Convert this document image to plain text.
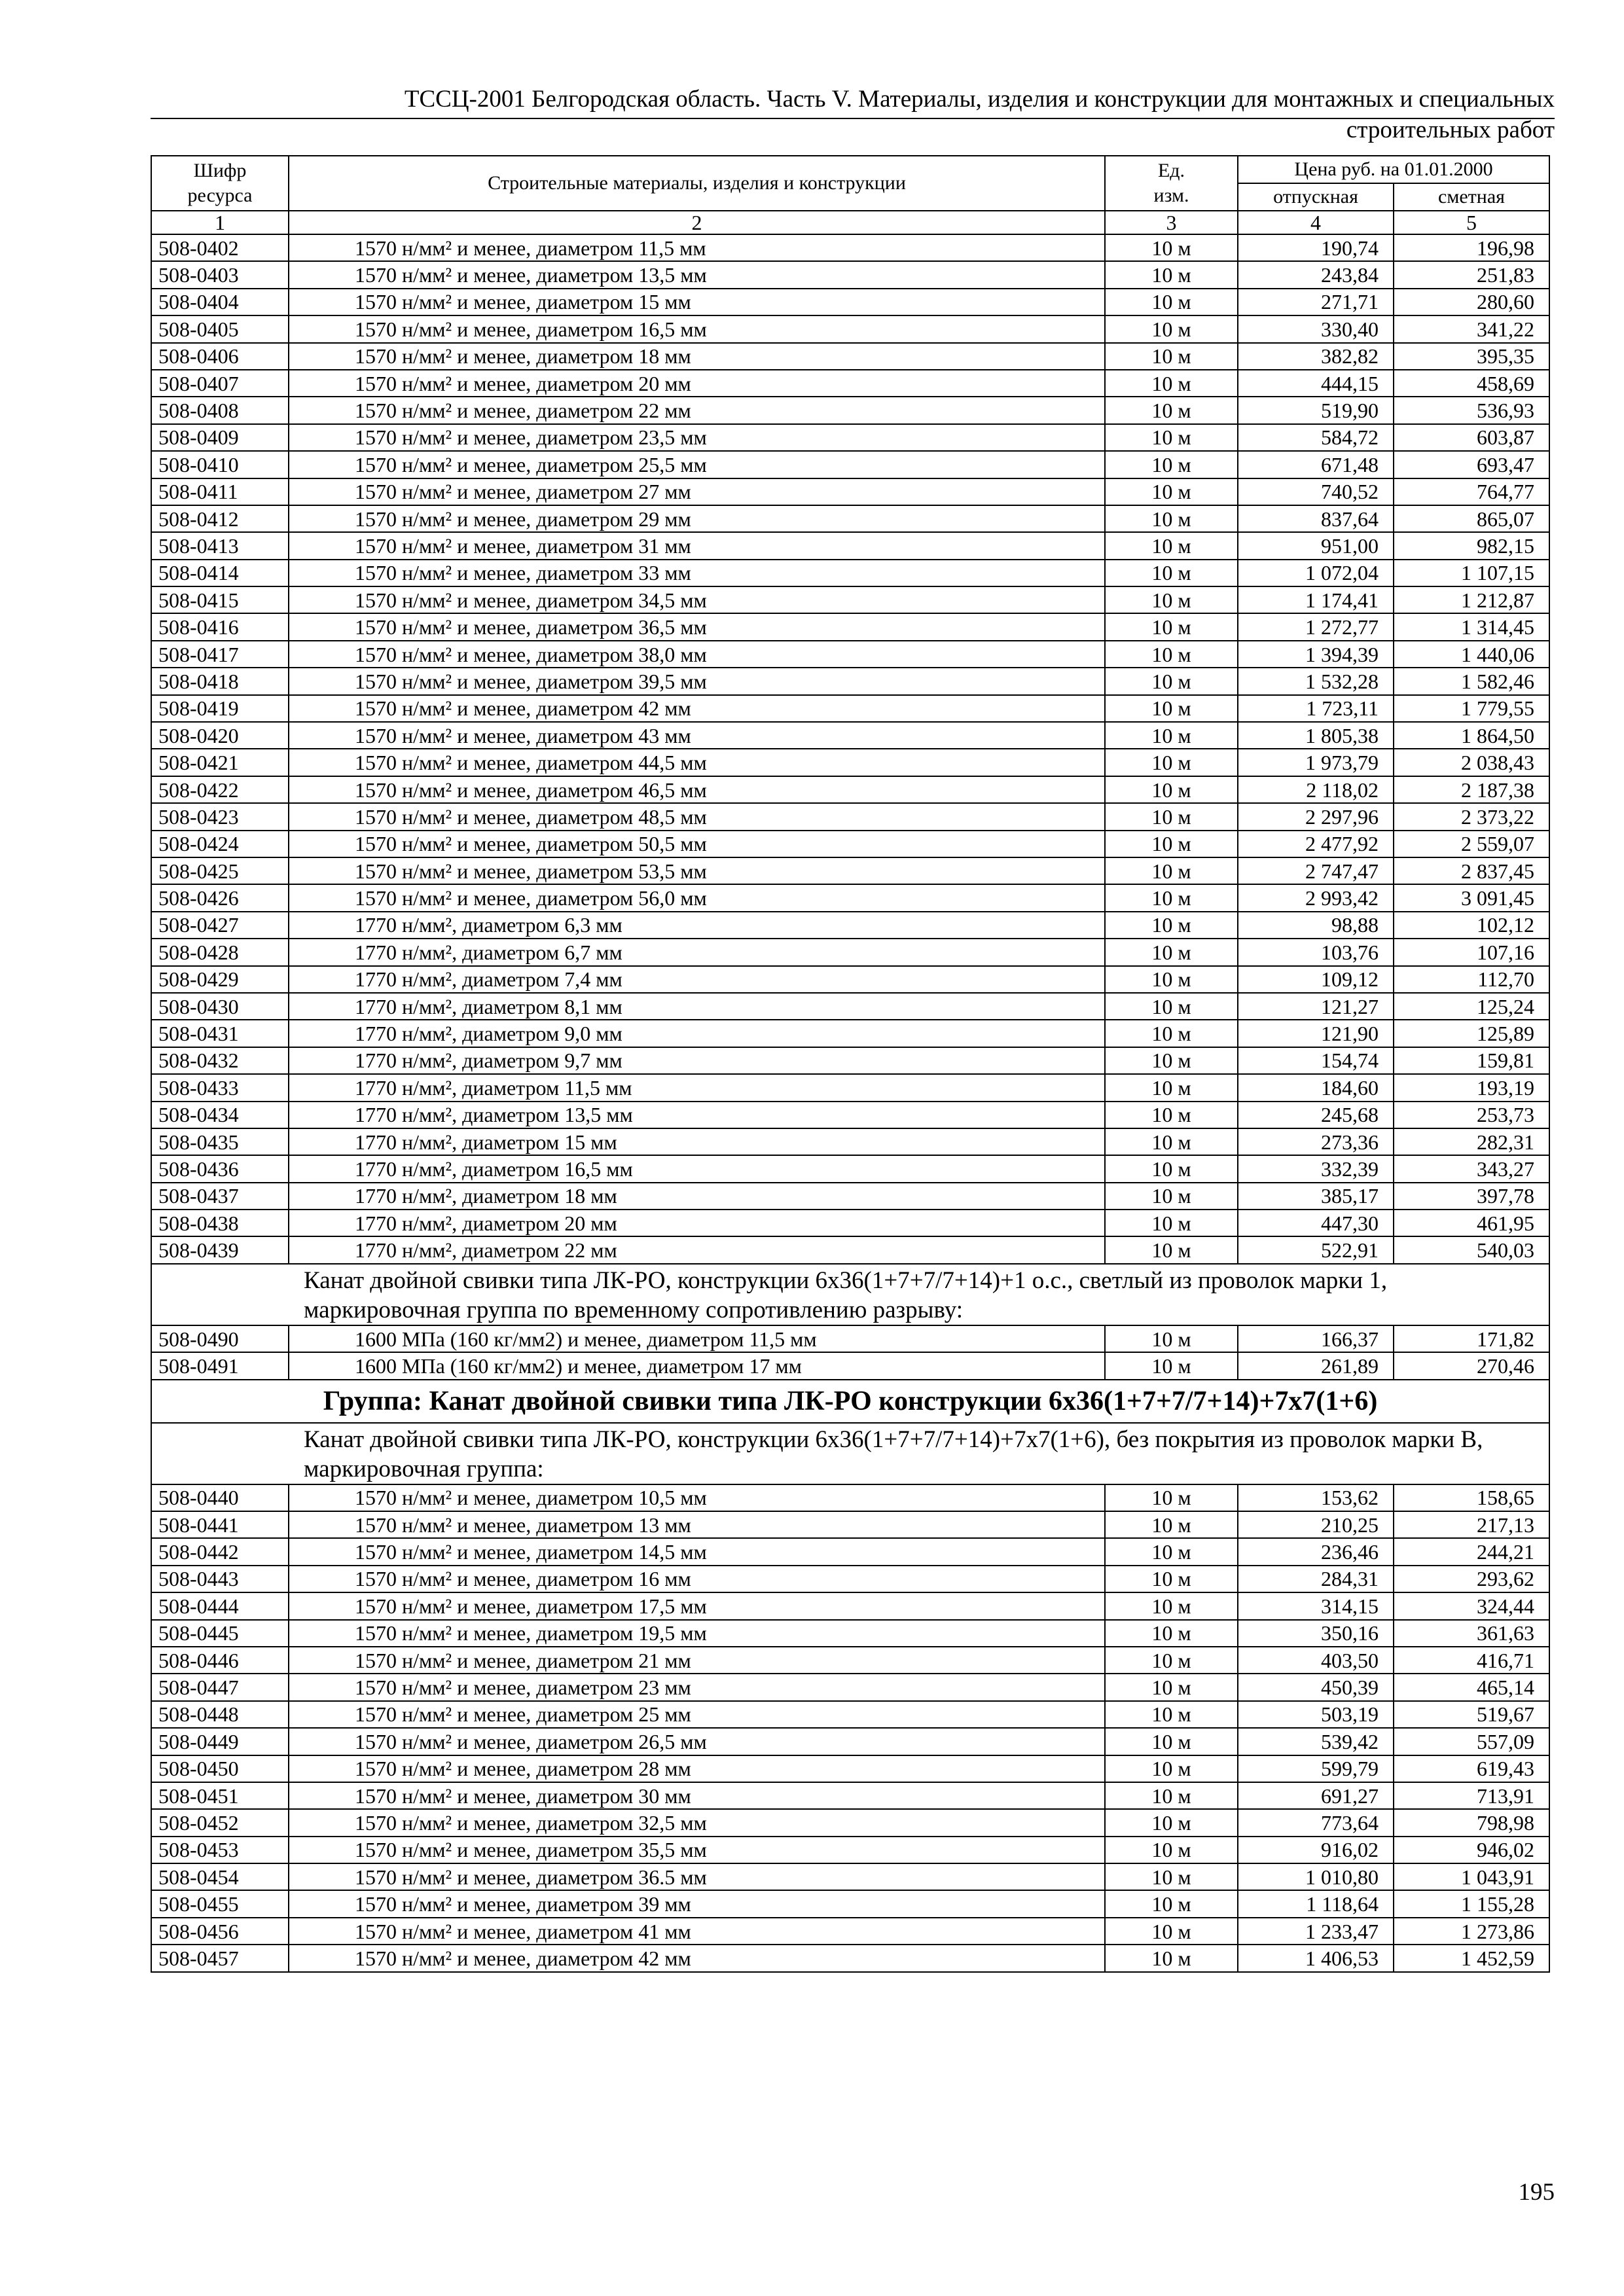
ТССЦ-2001 Белгородская область. Часть V. Материалы, изделия и конструкции для монтажных и специальных
строительных работ
Шифр
ресурса	Строительные материалы, изделия и конструкции	Ед.
изм.	Цена руб. на 01.01.2000	
			отпускная	сметная
1	2	3	4	5
508-0402	1570 н/мм² и менее, диаметром 11,5 мм	10 м	190,74	196,98
508-0403	1570 н/мм² и менее, диаметром 13,5 мм	10 м	243,84	251,83
508-0404	1570 н/мм² и менее, диаметром 15 мм	10 м	271,71	280,60
508-0405	1570 н/мм² и менее, диаметром 16,5 мм	10 м	330,40	341,22
508-0406	1570 н/мм² и менее, диаметром 18 мм	10 м	382,82	395,35
508-0407	1570 н/мм² и менее, диаметром 20 мм	10 м	444,15	458,69
508-0408	1570 н/мм² и менее, диаметром 22 мм	10 м	519,90	536,93
508-0409	1570 н/мм² и менее, диаметром 23,5 мм	10 м	584,72	603,87
508-0410	1570 н/мм² и менее, диаметром 25,5 мм	10 м	671,48	693,47
508-0411	1570 н/мм² и менее, диаметром 27 мм	10 м	740,52	764,77
508-0412	1570 н/мм² и менее, диаметром 29 мм	10 м	837,64	865,07
508-0413	1570 н/мм² и менее, диаметром 31 мм	10 м	951,00	982,15
508-0414	1570 н/мм² и менее, диаметром 33 мм	10 м	1 072,04	1 107,15
508-0415	1570 н/мм² и менее, диаметром 34,5 мм	10 м	1 174,41	1 212,87
508-0416	1570 н/мм² и менее, диаметром 36,5 мм	10 м	1 272,77	1 314,45
508-0417	1570 н/мм² и менее, диаметром 38,0 мм	10 м	1 394,39	1 440,06
508-0418	1570 н/мм² и менее, диаметром 39,5 мм	10 м	1 532,28	1 582,46
508-0419	1570 н/мм² и менее, диаметром 42 мм	10 м	1 723,11	1 779,55
508-0420	1570 н/мм² и менее, диаметром 43 мм	10 м	1 805,38	1 864,50
508-0421	1570 н/мм² и менее, диаметром 44,5 мм	10 м	1 973,79	2 038,43
508-0422	1570 н/мм² и менее, диаметром 46,5 мм	10 м	2 118,02	2 187,38
508-0423	1570 н/мм² и менее, диаметром 48,5 мм	10 м	2 297,96	2 373,22
508-0424	1570 н/мм² и менее, диаметром 50,5 мм	10 м	2 477,92	2 559,07
508-0425	1570 н/мм² и менее, диаметром 53,5 мм	10 м	2 747,47	2 837,45
508-0426	1570 н/мм² и менее, диаметром 56,0 мм	10 м	2 993,42	3 091,45
508-0427	1770 н/мм², диаметром 6,3 мм	10 м	98,88	102,12
508-0428	1770 н/мм², диаметром 6,7 мм	10 м	103,76	107,16
508-0429	1770 н/мм², диаметром 7,4 мм	10 м	109,12	112,70
508-0430	1770 н/мм², диаметром 8,1 мм	10 м	121,27	125,24
508-0431	1770 н/мм², диаметром 9,0 мм	10 м	121,90	125,89
508-0432	1770 н/мм², диаметром 9,7 мм	10 м	154,74	159,81
508-0433	1770 н/мм², диаметром 11,5 мм	10 м	184,60	193,19
508-0434	1770 н/мм², диаметром 13,5 мм	10 м	245,68	253,73
508-0435	1770 н/мм², диаметром 15 мм	10 м	273,36	282,31
508-0436	1770 н/мм², диаметром 16,5 мм	10 м	332,39	343,27
508-0437	1770 н/мм², диаметром 18 мм	10 м	385,17	397,78
508-0438	1770 н/мм², диаметром 20 мм	10 м	447,30	461,95
508-0439	1770 н/мм², диаметром 22 мм	10 м	522,91	540,03
Канат двойной свивки типа ЛК-РО, конструкции 6х36(1+7+7/7+14)+1 о.с., светлый из проволок марки 1, маркировочная группа по временному сопротивлению разрыву:				
508-0490	1600 МПа (160 кг/мм2) и менее, диаметром 11,5 мм	10 м	166,37	171,82
508-0491	1600 МПа (160 кг/мм2) и менее, диаметром 17 мм	10 м	261,89	270,46
Группа: Канат двойной свивки типа ЛК-РО конструкции 6х36(1+7+7/7+14)+7х7(1+6)				
Канат двойной свивки типа ЛК-РО, конструкции 6х36(1+7+7/7+14)+7х7(1+6), без покрытия из проволок марки В, маркировочная группа:				
508-0440	1570 н/мм² и менее, диаметром 10,5 мм	10 м	153,62	158,65
508-0441	1570 н/мм² и менее, диаметром 13 мм	10 м	210,25	217,13
508-0442	1570 н/мм² и менее, диаметром 14,5 мм	10 м	236,46	244,21
508-0443	1570 н/мм² и менее, диаметром 16 мм	10 м	284,31	293,62
508-0444	1570 н/мм² и менее, диаметром 17,5 мм	10 м	314,15	324,44
508-0445	1570 н/мм² и менее, диаметром 19,5 мм	10 м	350,16	361,63
508-0446	1570 н/мм² и менее, диаметром 21 мм	10 м	403,50	416,71
508-0447	1570 н/мм² и менее, диаметром 23 мм	10 м	450,39	465,14
508-0448	1570 н/мм² и менее, диаметром 25 мм	10 м	503,19	519,67
508-0449	1570 н/мм² и менее, диаметром 26,5 мм	10 м	539,42	557,09
508-0450	1570 н/мм² и менее, диаметром 28 мм	10 м	599,79	619,43
508-0451	1570 н/мм² и менее, диаметром 30 мм	10 м	691,27	713,91
508-0452	1570 н/мм² и менее, диаметром 32,5 мм	10 м	773,64	798,98
508-0453	1570 н/мм² и менее, диаметром 35,5 мм	10 м	916,02	946,02
508-0454	1570 н/мм² и менее, диаметром 36.5 мм	10 м	1 010,80	1 043,91
508-0455	1570 н/мм² и менее, диаметром 39 мм	10 м	1 118,64	1 155,28
508-0456	1570 н/мм² и менее, диаметром 41 мм	10 м	1 233,47	1 273,86
508-0457	1570 н/мм² и менее, диаметром 42 мм	10 м	1 406,53	1 452,59
195
